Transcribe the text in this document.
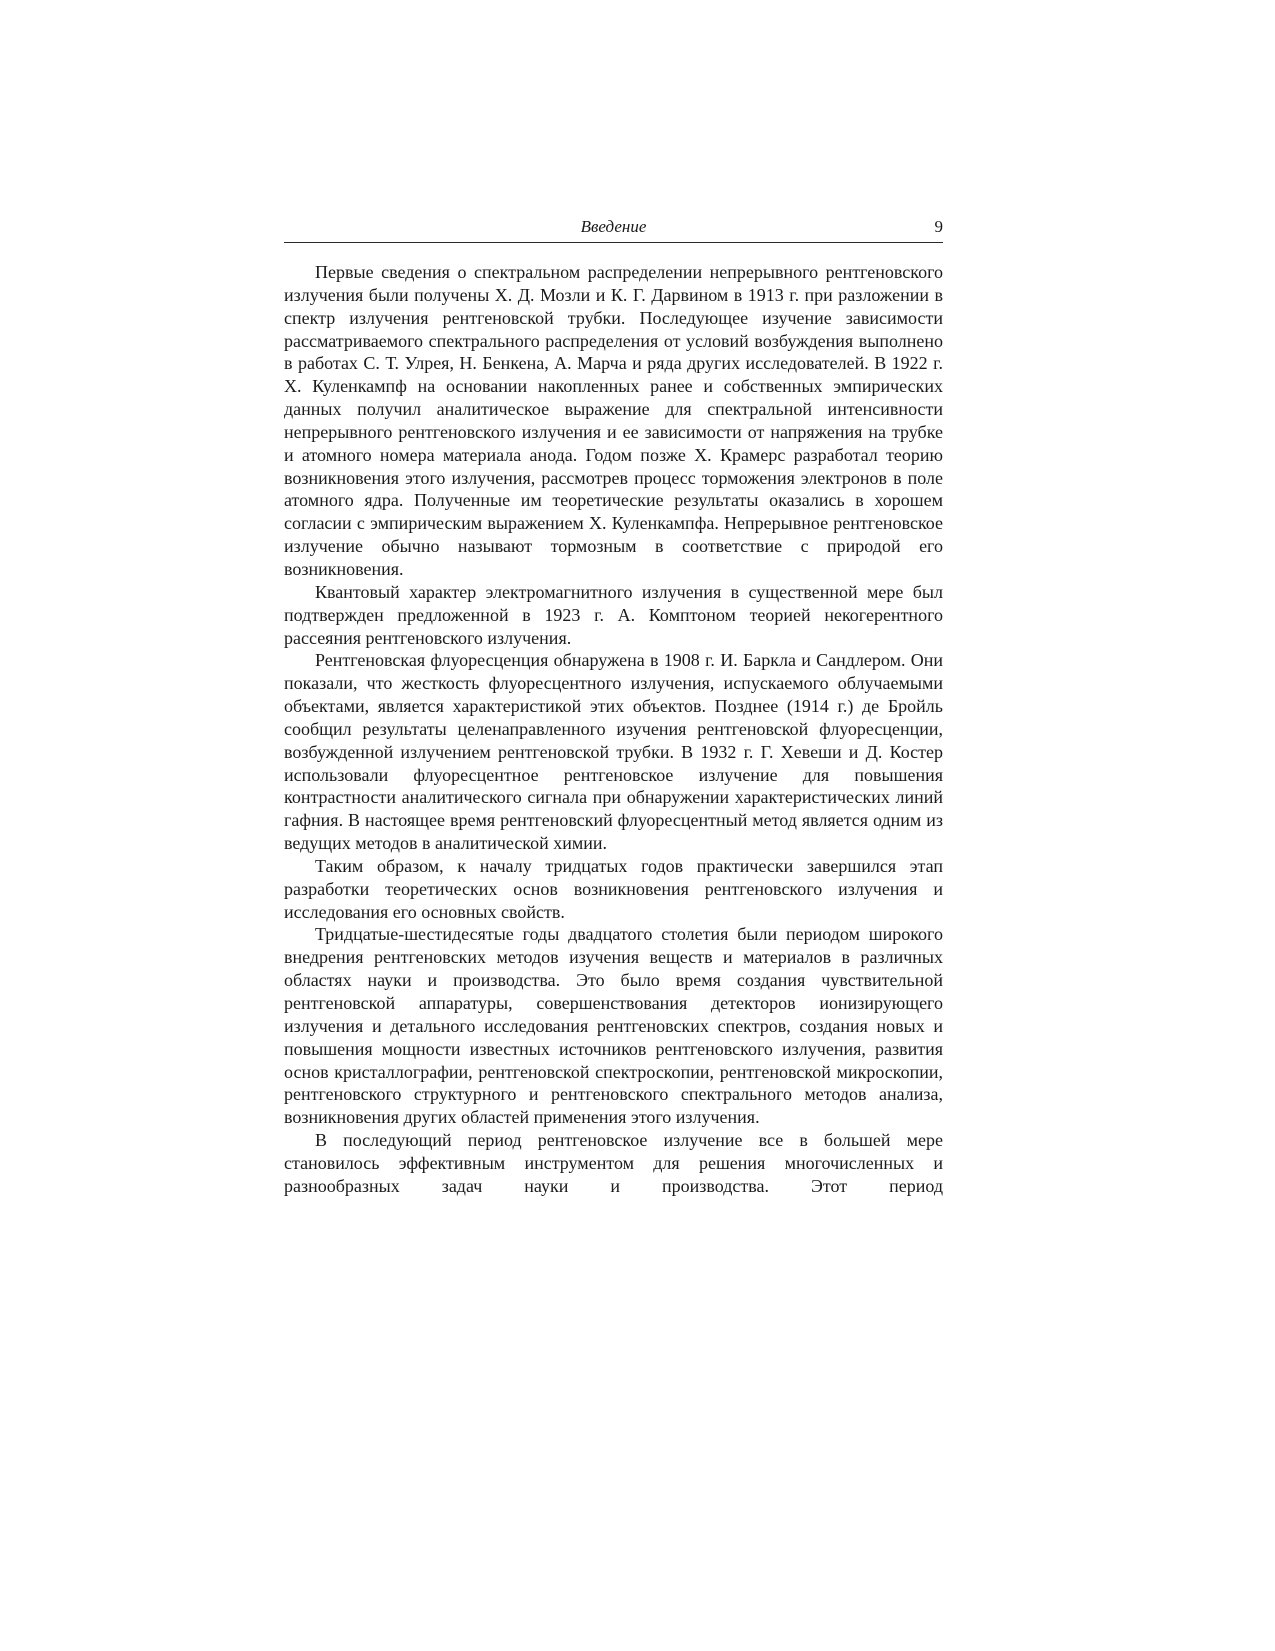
Введение	9

Первые сведения о спектральном распределении непрерывного рентгеновского излучения были получены Х. Д. Мозли и К. Г. Дарвином в 1913 г. при разложении в спектр излучения рентгеновской трубки. Последующее изучение зависимости рассматриваемого спектрального распределения от условий возбуждения выполнено в работах С. Т. Улрея, Н. Бенкена, А. Марча и ряда других исследователей. В 1922 г. Х. Куленкампф на основании накопленных ранее и собственных эмпирических данных получил аналитическое выражение для спектральной интенсивности непрерывного рентгеновского излучения и ее зависимости от напряжения на трубке и атомного номера материала анода. Годом позже Х. Крамерс разработал теорию возникновения этого излучения, рассмотрев процесс торможения электронов в поле атомного ядра. Полученные им теоретические результаты оказались в хорошем согласии с эмпирическим выражением Х. Куленкампфа. Непрерывное рентгеновское излучение обычно называют тормозным в соответствие с природой его возникновения.

Квантовый характер электромагнитного излучения в существенной мере был подтвержден предложенной в 1923 г. А. Комптоном теорией некогерентного рассеяния рентгеновского излучения.

Рентгеновская флуоресценция обнаружена в 1908 г. И. Баркла и Сандлером. Они показали, что жесткость флуоресцентного излучения, испускаемого облучаемыми объектами, является характеристикой этих объектов. Позднее (1914 г.) де Бройль сообщил результаты целенаправленного изучения рентгеновской флуоресценции, возбужденной излучением рентгеновской трубки. В 1932 г. Г. Хевеши и Д. Костер использовали флуоресцентное рентгеновское излучение для повышения контрастности аналитического сигнала при обнаружении характеристических линий гафния. В настоящее время рентгеновский флуоресцентный метод является одним из ведущих методов в аналитической химии.

Таким образом, к началу тридцатых годов практически завершился этап разработки теоретических основ возникновения рентгеновского излучения и исследования его основных свойств.

Тридцатые-шестидесятые годы двадцатого столетия были периодом широкого внедрения рентгеновских методов изучения веществ и материалов в различных областях науки и производства. Это было время создания чувствительной рентгеновской аппаратуры, совершенствования детекторов ионизирующего излучения и детального исследования рентгеновских спектров, создания новых и повышения мощности известных источников рентгеновского излучения, развития основ кристаллографии, рентгеновской спектроскопии, рентгеновской микроскопии, рентгеновского структурного и рентгеновского спектрального методов анализа, возникновения других областей применения этого излучения.

В последующий период рентгеновское излучение все в большей мере становилось эффективным инструментом для решения многочисленных и разнообразных задач науки и производства. Этот период
